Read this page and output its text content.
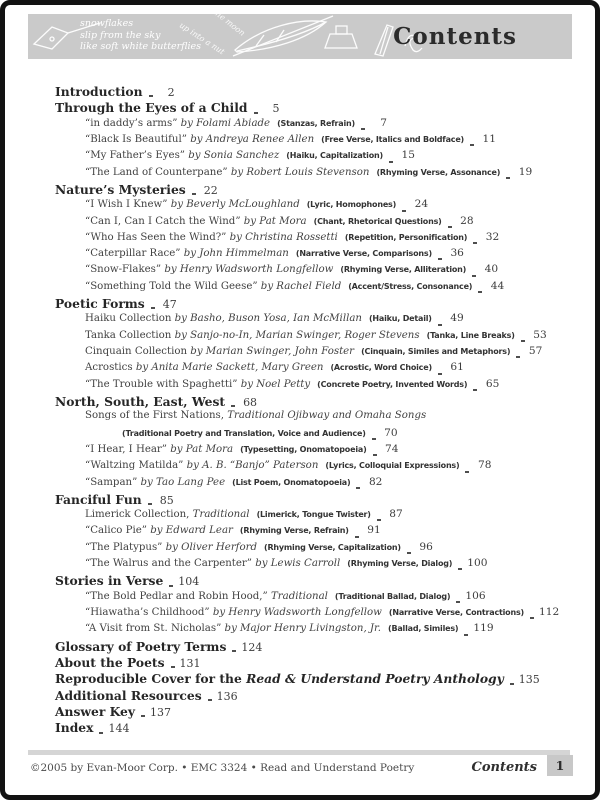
snowflakes
slip from the sky
like soft white butterflies
up into a nut
the moon	Contents
Introduction	2
Through the Eyes of a Child	5
“in daddy’s arms” by Folami Abiade (Stanzas, Refrain)	7
“Black Is Beautiful” by Andreya Renee Allen (Free Verse, Italics and Boldface)	11
“My Father’s Eyes” by Sonia Sanchez (Haiku, Capitalization)	15
“The Land of Counterpane” by Robert Louis Stevenson (Rhyming Verse, Assonance)	19
Nature’s Mysteries 22
“I Wish I Knew” by Beverly McLoughland (Lyric, Homophones)	24
“Can I, Can I Catch the Wind” by Pat Mora (Chant, Rhetorical Questions)	28
“Who Has Seen the Wind?” by Christina Rossetti (Repetition, Personification)	32
“Caterpillar Race” by John Himmelman (Narrative Verse, Comparisons)	36
“Snow-Flakes” by Henry Wadsworth Longfellow (Rhyming Verse, Alliteration)	40
“Something Told the Wild Geese” by Rachel Field (Accent/Stress, Consonance)	44
Poetic Forms 47
Haiku Collection by Basho, Buson Yosa, Ian McMillan (Haiku, Detail)	49
Tanka Collection by Sanjo-no-In, Marian Swinger, Roger Stevens (Tanka, Line Breaks)	53
Cinquain Collection by Marian Swinger, John Foster (Cinquain, Similes and Metaphors)	57
Acrostics by Anita Marie Sackett, Mary Green (Acrostic, Word Choice)	61
“The Trouble with Spaghetti” by Noel Petty (Concrete Poetry, Invented Words)	65
North, South, East, West 68
Songs of the First Nations, Traditional Ojibway and Omaha Songs
(Traditional Poetry and Translation, Voice and Audience)	70
“I Hear, I Hear” by Pat Mora (Typesetting, Onomatopoeia)	74
“Waltzing Matilda” by A. B. “Banjo” Paterson (Lyrics, Colloquial Expressions)	78
“Sampan” by Tao Lang Pee (List Poem, Onomatopoeia)	82
Fanciful Fun 85
Limerick Collection, Traditional (Limerick, Tongue Twister)	87
“Calico Pie” by Edward Lear (Rhyming Verse, Refrain)	91
“The Platypus” by Oliver Herford (Rhyming Verse, Capitalization)	96
“The Walrus and the Carpenter” by Lewis Carroll (Rhyming Verse, Dialog) 100
Stories in Verse 104
“The Bold Pedlar and Robin Hood,” Traditional (Traditional Ballad, Dialog) 106
“Hiawatha’s Childhood” by Henry Wadsworth Longfellow (Narrative Verse, Contractions) 112
“A Visit from St. Nicholas” by Major Henry Livingston, Jr. (Ballad, Similes) 119
Glossary of Poetry Terms 124
About the Poets 131
Reproducible Cover for the Read & Understand Poetry Anthology 135
Additional Resources 136
Answer Key 137
Index 144
©2005 by Evan-Moor Corp. • EMC 3324 • Read and Understand Poetry	Contents	1
